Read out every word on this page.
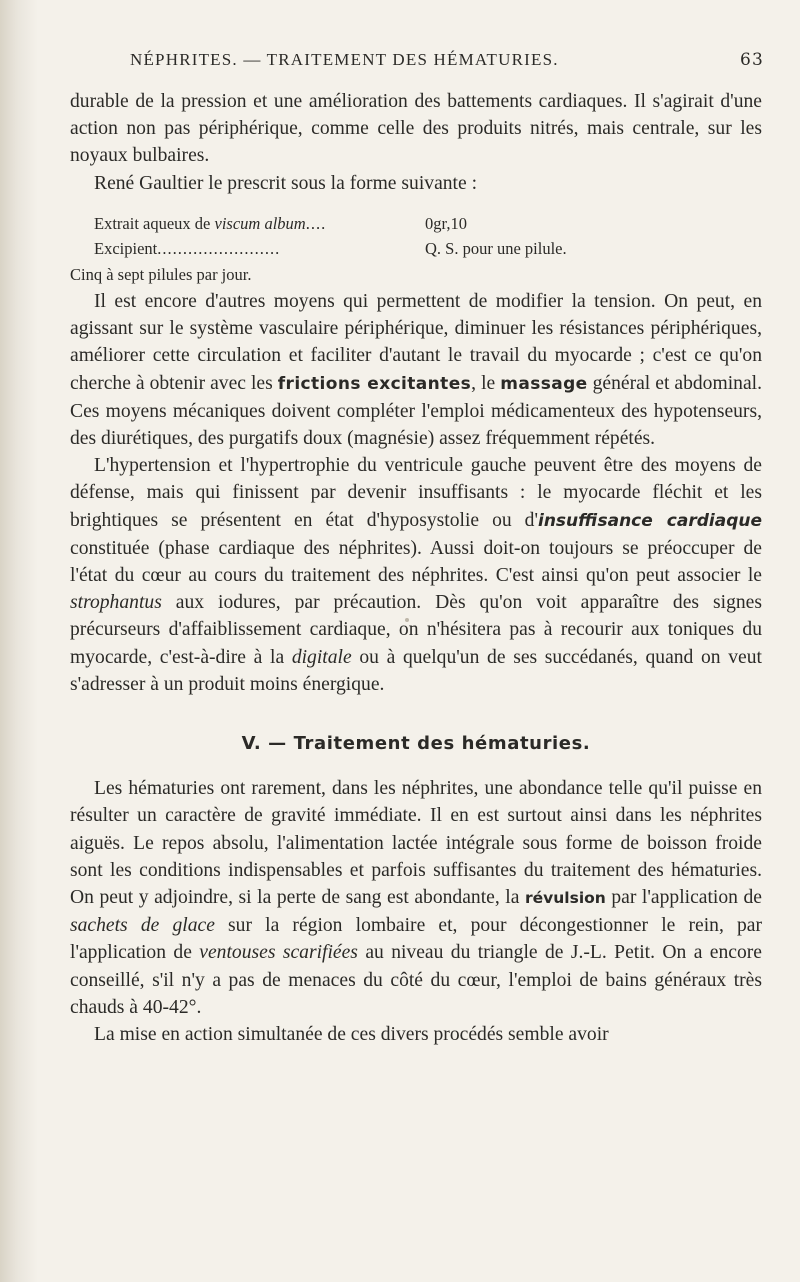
NÉPHRITES. — TRAITEMENT DES HÉMATURIES.	63

durable de la pression et une amélioration des battements cardiaques. Il s'agirait d'une action non pas périphérique, comme celle des produits nitrés, mais centrale, sur les noyaux bulbaires.

René Gaultier le prescrit sous la forme suivante :

Extrait aqueux de viscum album....	0gr,10
Excipient........................	Q. S. pour une pilule.

Cinq à sept pilules par jour.

Il est encore d'autres moyens qui permettent de modifier la tension. On peut, en agissant sur le système vasculaire périphérique, diminuer les résistances périphériques, améliorer cette circulation et faciliter d'autant le travail du myocarde ; c'est ce qu'on cherche à obtenir avec les frictions excitantes, le massage général et abdominal. Ces moyens mécaniques doivent compléter l'emploi médicamenteux des hypotenseurs, des diurétiques, des purgatifs doux (magnésie) assez fréquemment répétés.

L'hypertension et l'hypertrophie du ventricule gauche peuvent être des moyens de défense, mais qui finissent par devenir insuffisants : le myocarde fléchit et les brightiques se présentent en état d'hyposystolie ou d'insuffisance cardiaque constituée (phase cardiaque des néphrites). Aussi doit-on toujours se préoccuper de l'état du cœur au cours du traitement des néphrites. C'est ainsi qu'on peut associer le strophantus aux iodures, par précaution. Dès qu'on voit apparaître des signes précurseurs d'affaiblissement cardiaque, on n'hésitera pas à recourir aux toniques du myocarde, c'est-à-dire à la digitale ou à quelqu'un de ses succédanés, quand on veut s'adresser à un produit moins énergique.

V. — Traitement des hématuries.

Les hématuries ont rarement, dans les néphrites, une abondance telle qu'il puisse en résulter un caractère de gravité immédiate. Il en est surtout ainsi dans les néphrites aiguës. Le repos absolu, l'alimentation lactée intégrale sous forme de boisson froide sont les conditions indispensables et parfois suffisantes du traitement des hématuries. On peut y adjoindre, si la perte de sang est abondante, la révulsion par l'application de sachets de glace sur la région lombaire et, pour décongestionner le rein, par l'application de ventouses scarifiées au niveau du triangle de J.-L. Petit. On a encore conseillé, s'il n'y a pas de menaces du côté du cœur, l'emploi de bains généraux très chauds à 40-42°.

La mise en action simultanée de ces divers procédés semble avoir
